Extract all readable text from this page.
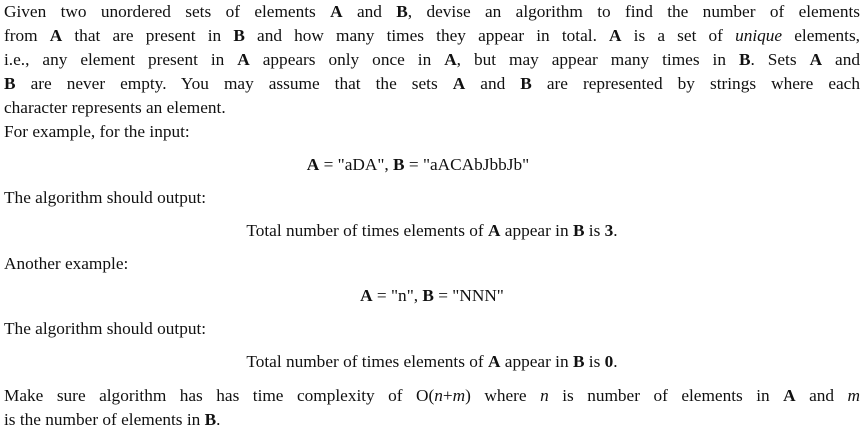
Given two unordered sets of elements A and B, devise an algorithm to find the number of elements
from A that are present in B and how many times they appear in total. A is a set of unique elements,
i.e., any element present in A appears only once in A, but may appear many times in B. Sets A and
B are never empty. You may assume that the sets A and B are represented by strings where each
character represents an element.
For example, for the input:
A = "aDA", B = "aACAbJbbJb"
The algorithm should output:
Total number of times elements of A appear in B is 3.
Another example:
A = "n", B = "NNN"
The algorithm should output:
Total number of times elements of A appear in B is 0.
Make sure algorithm has has time complexity of O(n+m) where n is number of elements in A and m
is the number of elements in B.
